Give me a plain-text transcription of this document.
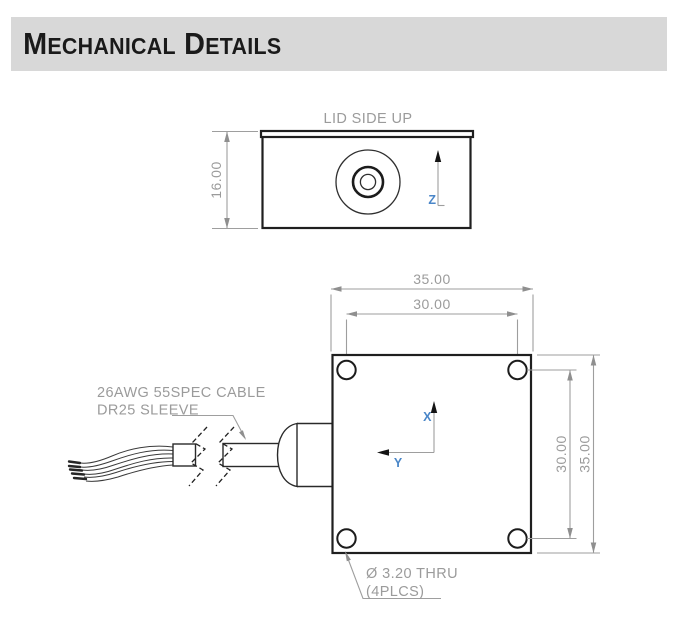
MECHANICAL DETAILS
LID SIDE UP
16.00
Z
35.00
30.00
X
Y	30.00 35.00
26AWG 55SPEC CABLE
DR25 SLEEVE
Ø 3.20 THRU
(4PLCS)
